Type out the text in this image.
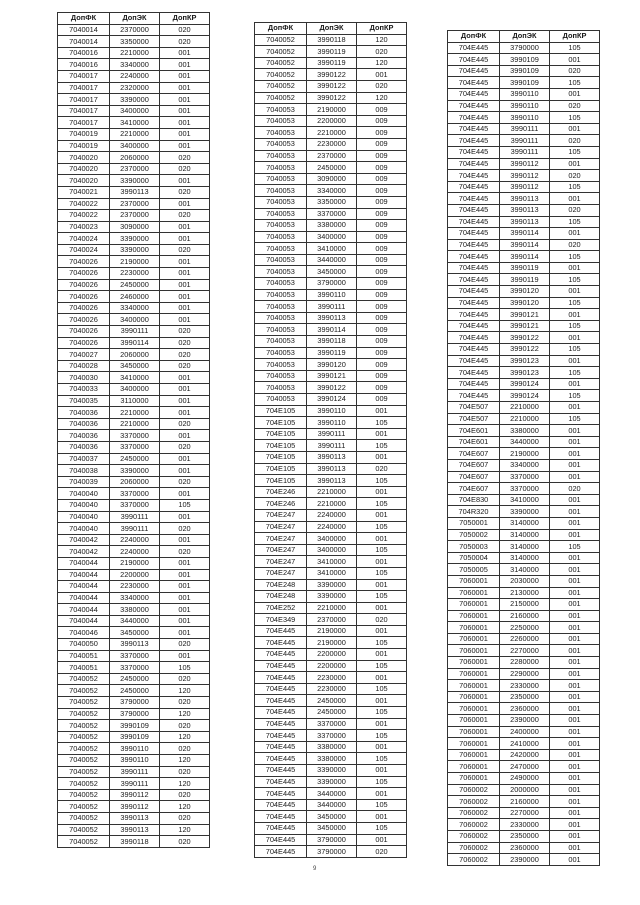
ДопФК	ДопЭК	ДопКР
7040014	2370000	020
7040014	3350000	020
7040016	2210000	001
7040016	3340000	001
7040017	2240000	001
7040017	2320000	001
7040017	3390000	001
7040017	3400000	001
7040017	3410000	001
7040019	2210000	001
7040019	3400000	001
7040020	2060000	020
7040020	2370000	020
7040020	3390000	001
7040021	3990113	020
7040022	2370000	001
7040022	2370000	020
7040023	3090000	001
7040024	3390000	001
7040024	3390000	020
7040026	2190000	001
7040026	2230000	001
7040026	2450000	001
7040026	2460000	001
7040026	3340000	001
7040026	3400000	001
7040026	3990111	020
7040026	3990114	020
7040027	2060000	020
7040028	3450000	020
7040030	3410000	001
7040033	3400000	001
7040035	3110000	001
7040036	2210000	001
7040036	2210000	020
7040036	3370000	001
7040036	3370000	020
7040037	2450000	001
7040038	3390000	001
7040039	2060000	020
7040040	3370000	001
7040040	3370000	105
7040040	3990111	001
7040040	3990111	020
7040042	2240000	001
7040042	2240000	020
7040044	2190000	001
7040044	2200000	001
7040044	2230000	001
7040044	3340000	001
7040044	3380000	001
7040044	3440000	001
7040046	3450000	001
7040050	3990113	020
7040051	3370000	001
7040051	3370000	105
7040052	2450000	020
7040052	2450000	120
7040052	3790000	020
7040052	3790000	120
7040052	3990109	020
7040052	3990109	120
7040052	3990110	020
7040052	3990110	120
7040052	3990111	020
7040052	3990111	120
7040052	3990112	020
7040052	3990112	120
7040052	3990113	020
7040052	3990113	120
7040052	3990118	020
ДопФК	ДопЭК	ДопКР
7040052	3990118	120
7040052	3990119	020
7040052	3990119	120
7040052	3990122	001
7040052	3990122	020
7040052	3990122	120
7040053	2190000	009
7040053	2200000	009
7040053	2210000	009
7040053	2230000	009
7040053	2370000	009
7040053	2450000	009
7040053	3090000	009
7040053	3340000	009
7040053	3350000	009
7040053	3370000	009
7040053	3380000	009
7040053	3400000	009
7040053	3410000	009
7040053	3440000	009
7040053	3450000	009
7040053	3790000	009
7040053	3990110	009
7040053	3990111	009
7040053	3990113	009
7040053	3990114	009
7040053	3990118	009
7040053	3990119	009
7040053	3990120	009
7040053	3990121	009
7040053	3990122	009
7040053	3990124	009
704E105	3990110	001
704E105	3990110	105
704E105	3990111	001
704E105	3990111	105
704E105	3990113	001
704E105	3990113	020
704E105	3990113	105
704E246	2210000	001
704E246	2210000	105
704E247	2240000	001
704E247	2240000	105
704E247	3400000	001
704E247	3400000	105
704E247	3410000	001
704E247	3410000	105
704E248	3390000	001
704E248	3390000	105
704E252	2210000	001
704E349	2370000	020
704E445	2190000	001
704E445	2190000	105
704E445	2200000	001
704E445	2200000	105
704E445	2230000	001
704E445	2230000	105
704E445	2450000	001
704E445	2450000	105
704E445	3370000	001
704E445	3370000	105
704E445	3380000	001
704E445	3380000	105
704E445	3390000	001
704E445	3390000	105
704E445	3440000	001
704E445	3440000	105
704E445	3450000	001
704E445	3450000	105
704E445	3790000	001
704E445	3790000	020
ДопФК	ДопЭК	ДопКР
704E445	3790000	105
704E445	3990109	001
704E445	3990109	020
704E445	3990109	105
704E445	3990110	001
704E445	3990110	020
704E445	3990110	105
704E445	3990111	001
704E445	3990111	020
704E445	3990111	105
704E445	3990112	001
704E445	3990112	020
704E445	3990112	105
704E445	3990113	001
704E445	3990113	020
704E445	3990113	105
704E445	3990114	001
704E445	3990114	020
704E445	3990114	105
704E445	3990119	001
704E445	3990119	105
704E445	3990120	001
704E445	3990120	105
704E445	3990121	001
704E445	3990121	105
704E445	3990122	001
704E445	3990122	105
704E445	3990123	001
704E445	3990123	105
704E445	3990124	001
704E445	3990124	105
704E507	2210000	001
704E507	2210000	105
704E601	3380000	001
704E601	3440000	001
704E607	2190000	001
704E607	3340000	001
704E607	3370000	001
704E607	3370000	020
704E830	3410000	001
704R320	3390000	001
7050001	3140000	001
7050002	3140000	001
7050003	3140000	105
7050004	3140000	001
7050005	3140000	001
7060001	2030000	001
7060001	2130000	001
7060001	2150000	001
7060001	2160000	001
7060001	2250000	001
7060001	2260000	001
7060001	2270000	001
7060001	2280000	001
7060001	2290000	001
7060001	2330000	001
7060001	2350000	001
7060001	2360000	001
7060001	2390000	001
7060001	2400000	001
7060001	2410000	001
7060001	2420000	001
7060001	2470000	001
7060001	2490000	001
7060002	2000000	001
7060002	2160000	001
7060002	2270000	001
7060002	2330000	001
7060002	2350000	001
7060002	2360000	001
7060002	2390000	001
9
